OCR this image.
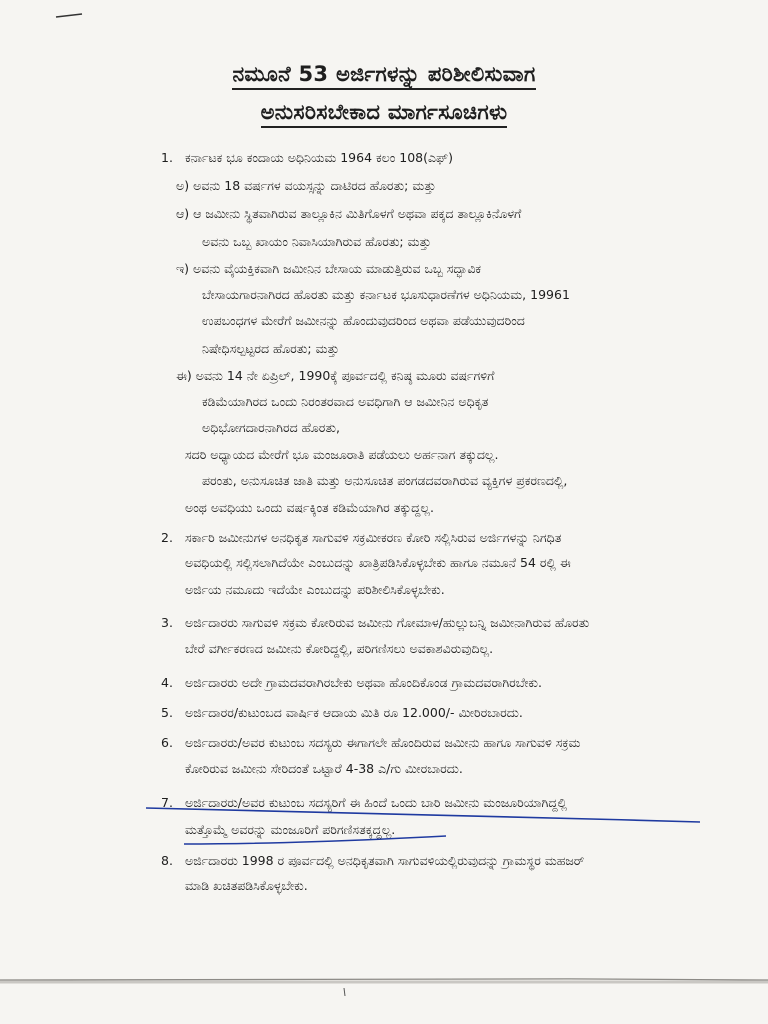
ನಮೂನೆ 53 ಅರ್ಜಿಗಳನ್ನು ಪರಿಶೀಲಿಸುವಾಗ
ಅನುಸರಿಸಬೇಕಾದ ಮಾರ್ಗಸೂಚಿಗಳು
1. ಕರ್ನಾಟಕ ಭೂ ಕಂದಾಯ ಅಧಿನಿಯಮ 1964 ಕಲಂ 108(ಎಫ್)
ಅ) ಅವನು 18 ವರ್ಷಗಳ ವಯಸ್ಸನ್ನು ದಾಟಿರದ ಹೊರತು; ಮತ್ತು
ಆ) ಆ ಜಮೀನು ಸ್ಥಿತವಾಗಿರುವ ತಾಲ್ಲೂಕಿನ ಮಿತಿಗೊಳಗೆ ಅಥವಾ ಪಕ್ಕದ ತಾಲ್ಲೂಕಿನೊಳಗೆ
ಅವನು ಒಬ್ಬ ಖಾಯಂ ನಿವಾಸಿಯಾಗಿರುವ ಹೊರತು; ಮತ್ತು
ಇ) ಅವನು ವೈಯಕ್ತಿಕವಾಗಿ ಜಮೀನಿನ ಬೇಸಾಯ ಮಾಡುತ್ತಿರುವ ಒಬ್ಬ ಸದ್ಭಾವಿಕ
ಬೇಸಾಯಗಾರನಾಗಿರದ ಹೊರತು ಮತ್ತು ಕರ್ನಾಟಕ ಭೂಸುಧಾರಣೆಗಳ ಅಧಿನಿಯಮ, 19961
ಉಪಬಂಧಗಳ ಮೇರೆಗೆ ಜಮೀನನ್ನು ಹೊಂದುವುದರಿಂದ ಅಥವಾ ಪಡೆಯುವುದರಿಂದ
ನಿಷೇಧಿಸಲ್ಪಟ್ಟರದ ಹೊರತು; ಮತ್ತು
ಈ) ಅವನು 14 ನೇ ಏಪ್ರಿಲ್, 1990ಕ್ಕೆ ಪೂರ್ವದಲ್ಲಿ ಕನಿಷ್ಠ ಮೂರು ವರ್ಷಗಳಿಗೆ
ಕಡಿಮೆಯಾಗಿರದ ಒಂದು ನಿರಂತರವಾದ ಅವಧಿಗಾಗಿ ಆ ಜಮೀನಿನ ಅಧಿಕೃತ
ಅಧಿಭೋಗದಾರನಾಗಿರದ ಹೊರತು,
ಸದರಿ ಅಧ್ಯಾಯದ ಮೇರೆಗೆ ಭೂ ಮಂಜೂರಾತಿ ಪಡೆಯಲು ಅರ್ಹನಾಗ ತಕ್ಕುದಲ್ಲ.
ಪರಂತು, ಅನುಸೂಚಿತ ಜಾತಿ ಮತ್ತು ಅನುಸೂಚಿತ ಪಂಗಡದವರಾಗಿರುವ ವ್ಯಕ್ತಿಗಳ ಪ್ರಕರಣದಲ್ಲಿ,
ಅಂಥ ಅವಧಿಯು ಒಂದು ವರ್ಷಕ್ಕಿಂತ ಕಡಿಮೆಯಾಗಿರ ತಕ್ಕುದ್ದಲ್ಲ.
2. ಸರ್ಕಾರಿ ಜಮೀನುಗಳ ಅನಧಿಕೃತ ಸಾಗುವಳಿ ಸಕ್ರಮೀಕರಣ ಕೋರಿ ಸಲ್ಲಿಸಿರುವ ಅರ್ಜಿಗಳನ್ನು ನಿಗಧಿತ
ಅವಧಿಯಲ್ಲಿ ಸಲ್ಲಿಸಲಾಗಿದೆಯೇ ಎಂಬುದನ್ನು ಖಾತ್ರಿಪಡಿಸಿಕೊಳ್ಳಬೇಕು ಹಾಗೂ ನಮೂನೆ 54 ರಲ್ಲಿ ಈ
ಅರ್ಜಿಯ ನಮೂದು ಇದೆಯೇ ಎಂಬುದನ್ನು ಪರಿಶೀಲಿಸಿಕೊಳ್ಳಬೇಕು.
3. ಅರ್ಜಿದಾರರು ಸಾಗುವಳಿ ಸಕ್ರಮ ಕೋರಿರುವ ಜಮೀನು ಗೋಮಾಳ/ಹುಲ್ಲುಬನ್ನಿ ಜಮೀನಾಗಿರುವ ಹೊರತು
ಬೇರೆ ವರ್ಗೀಕರಣದ ಜಮೀನು ಕೋರಿದ್ದಲ್ಲಿ, ಪರಿಗಣಿಸಲು ಅವಕಾಶವಿರುವುದಿಲ್ಲ.
4. ಅರ್ಜಿದಾರರು ಅದೇ ಗ್ರಾಮದವರಾಗಿರಬೇಕು ಅಥವಾ ಹೊಂದಿಕೊಂಡ ಗ್ರಾಮದವರಾಗಿರಬೇಕು.
5. ಅರ್ಜಿದಾರರ/ಕುಟುಂಬದ ವಾರ್ಷಿಕ ಆದಾಯ ಮಿತಿ ರೂ 12.000/- ಮೀರಿರಬಾರದು.
6. ಅರ್ಜಿದಾರರು/ಅವರ ಕುಟುಂಬ ಸದಸ್ಯರು ಈಗಾಗಲೇ ಹೊಂದಿರುವ ಜಮೀನು ಹಾಗೂ ಸಾಗುವಳಿ ಸಕ್ರಮ
ಕೋರಿರುವ ಜಮೀನು ಸೇರಿದಂತೆ ಒಟ್ಟಾರೆ 4-38 ಎ/ಗು ಮೀರಬಾರದು.
7. ಅರ್ಜಿದಾರರು/ಅವರ ಕುಟುಂಬ ಸದಸ್ಯರಿಗೆ ಈ ಹಿಂದೆ ಒಂದು ಬಾರಿ ಜಮೀನು ಮಂಜೂರಿಯಾಗಿದ್ದಲ್ಲಿ
ಮತ್ತೊಮ್ಮೆ ಅವರನ್ನು ಮಂಜೂರಿಗೆ ಪರಿಗಣಿಸತಕ್ಕದ್ದಲ್ಲ.
8. ಅರ್ಜಿದಾರರು 1998 ರ ಪೂರ್ವದಲ್ಲಿ ಅನಧಿಕೃತವಾಗಿ ಸಾಗುವಳಿಯಲ್ಲಿರುವುದನ್ನು ಗ್ರಾಮಸ್ಥರ ಮಹಜರ್
ಮಾಡಿ ಖಚಿತಪಡಿಸಿಕೊಳ್ಳಬೇಕು.
